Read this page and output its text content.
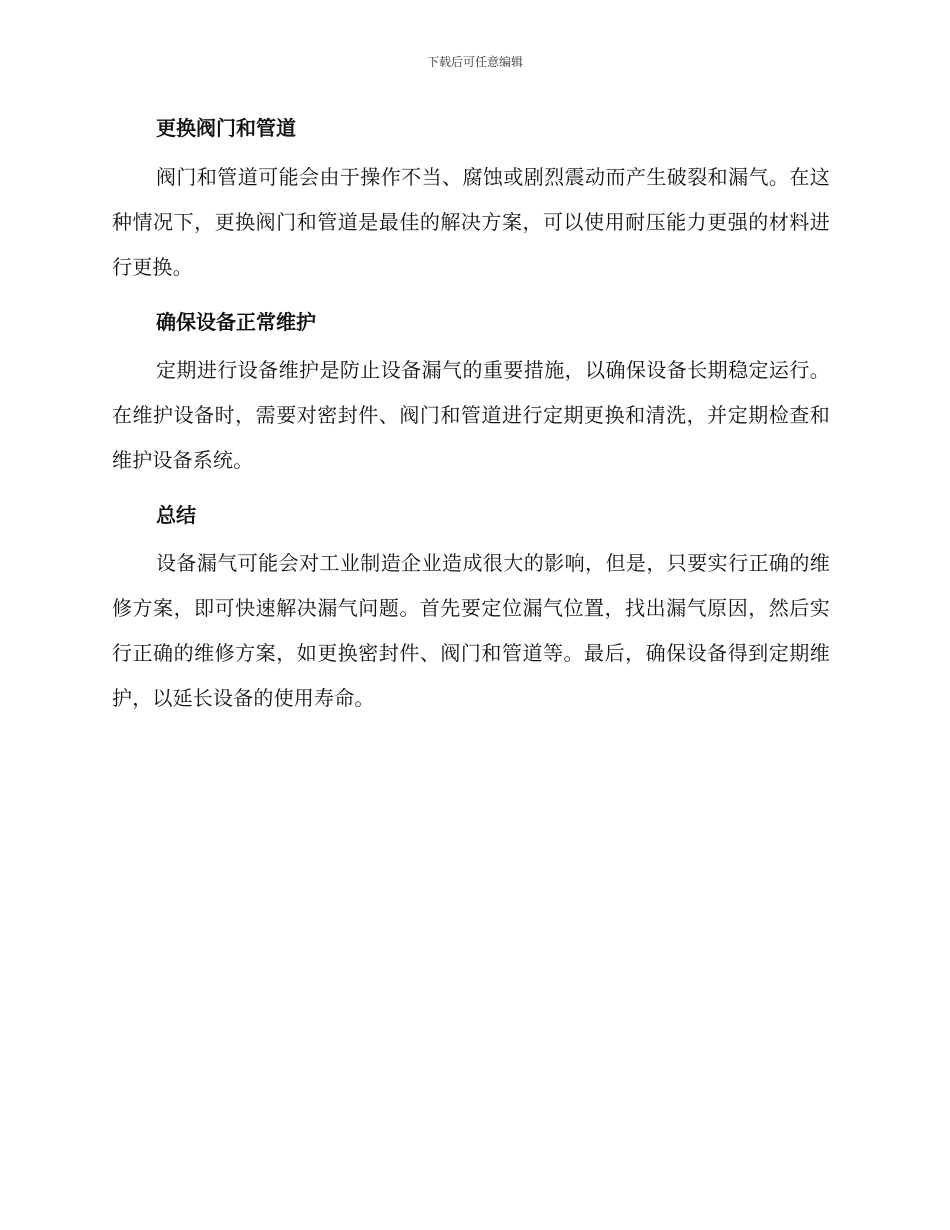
下载后可任意编辑
更换阀门和管道

阀门和管道可能会由于操作不当、腐蚀或剧烈震动而产生破裂和漏气。在这种情况下，更换阀门和管道是最佳的解决方案，可以使用耐压能力更强的材料进行更换。

确保设备正常维护

定期进行设备维护是防止设备漏气的重要措施，以确保设备长期稳定运行。在维护设备时，需要对密封件、阀门和管道进行定期更换和清洗，并定期检查和维护设备系统。

总结

设备漏气可能会对工业制造企业造成很大的影响，但是，只要实行正确的维修方案，即可快速解决漏气问题。首先要定位漏气位置，找出漏气原因，然后实行正确的维修方案，如更换密封件、阀门和管道等。最后，确保设备得到定期维护，以延长设备的使用寿命。
